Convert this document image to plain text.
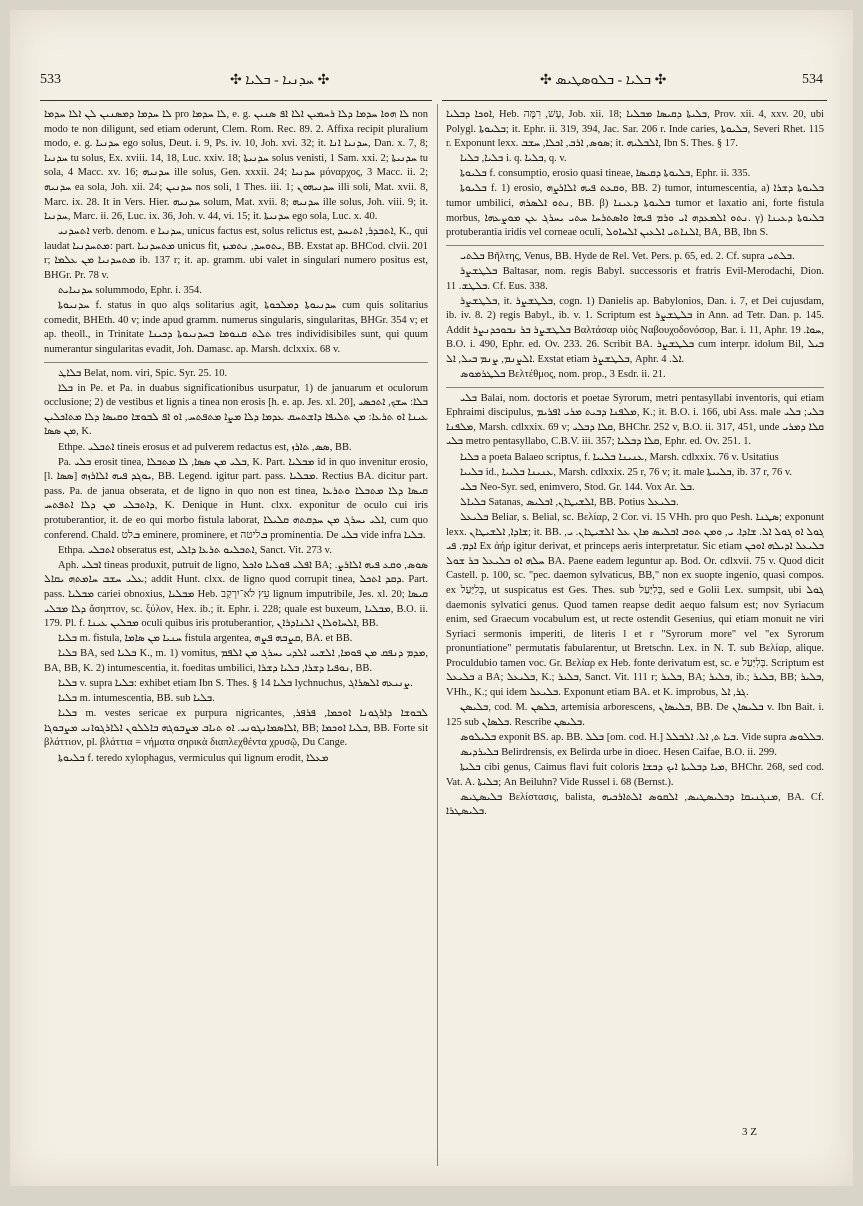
533	✣ ܚܕܢܝܐ - ܒܠܝܐ ✣	✣ ܒܠܝܐ - ܒܠܘܣܛܝܣ ✣	534

ܠܐ ܚܕܡܐ ܕܡܣܢܝܢ ܠܢ ܐܠܐ ܚܕܡܐ pro ܠܐ ܚܕܡܐ, e. g. ܠܐ ܗܘܐ ܚܕܡܐ ܕܠܐ ܪܚܡܝܢ ܐܠܐ ܐܦ ܣܢܝܢ non modo te non diligunt, sed etiam oderunt, Clem. Rom. Rec. 89. 2. Affixa recipit pluralium modo, e. g. ܚܕܢܝܐ ego solus, Deut. i. 9, Ps. iv. 10, Joh. xvi. 32; it. ܚܕܢܝܐ ܐܢܐ, Dan. x. 7, 8; ܚܕܢܝܐ tu solus, Ex. xviii. 14, 18, Luc. xxiv. 18; ܚܕܢܝܬܐ solus venisti, 1 Sam. xxi. 2; ܚܕܢܝܬܐ tu sola, 4 Macc. xv. 16; ܚܕܢܝܗ ille solus, Gen. xxxii. 24; ܚܕܢܝܐ μόναρχος, 3 Macc. ii. 2; ܚܕܢܝܗ ea sola, Joh. xii. 24; ܚܕܢܝܢ nos soli, 1 Thes. iii. 1; ܚܕܢܝܗܘܢ illi soli, Mat. xvii. 8, Marc. ix. 28. It in Vers. Hier. ܚܕܢܝܗ solum, Mat. xvii. 8; ܚܕܢܝܗ ille solus, Joh. viii. 9; it. ܚܕܢܝܐ, Marc. ii. 26, Luc. ix. 36, Joh. v. 44, vi. 15; it. ܚܕܢܝܬܐ ego sola, Luc. x. 40.

ܐܬܚܕܢܝ verb. denom. e ܚܕܢܝܐ, unicus factus est, solus relictus est, ܐܬܒܕܪ, ܐܬܝܚܕ, K., qui laudat ܡܬܚܕܢܝܐ: part. ܡܬܚܕܢܝܐ unicus fit, ܝܬܘܚܕ, ܢܬܡܝܙ, BB. Exstat ap. BHCod. clvii. 201 r; ܡܬܚܕܢܝܐ ܡܢ ܥܠܡܐ ib. 137 r; it. ap. gramm. ubi valet in singulari numero positus est, BHGr. Pr. 78 v.

ܚܕܢܝܐܝܬ solummodo, Ephr. i. 354.

ܚܕܢܝܘܬܐ f. status in quo alqs solitarius agit, ܚܕܢܝܘܬܐ ܕܡܠܟܘܬܐ cum quis solitarius comedit, BHEth. 40 v; inde apud gramm. numerus singularis, singularitas, BHGr. 354 v; et ap. theoll., in Trinitate ܬܠܬ ܩܢܘܡܐ ܒܚܕܢܝܘܬܐ ܕܟܝܢܐ tres individisibiles sunt, qui quum numerantur singularitas evadit, Joh. Damasc. ap. Marsh. dclxxix. 68 v.

ܒܠܐܛ Belat, nom. viri, Spic. Syr. 25. 10.

ܒܠܐ in Pe. et Pa. in duabus significationibus usurpatur, 1) de januarum et oculorum occlusione; 2) de vestibus et lignis a tinea non erosis [h. e. ap. Jes. xl. 20], ܒܠܐ: ܚܫܟ, ܐܬܟܣܝ ܥܝܢܐ ܐܘ ܬܪܥܐ: ܡܢ ܬܠܝܦܐ ܕܐܫܬܚܩ ܥܕܡܐ ܕܠܐ ܡܨܐ ܡܬܦܬܚ, ܐܘ ܐܦ ܠܒܘܫܐ ܘܩܝܣܐ ܕܠܐ ܡܬܐܟܠܝܢ ܡܢ ܣܣܐ, K.

Ethpe. ܐܬܒܠܝ tineis erosus et ad pulverem redactus est, ܣܣ, ܬܐܪܙ, BB.

Pa. ܒܠܝ erosit tinea, ܒܠܝ ܡܢ ܣܣܐ, ܠܐ ܡܬܒܠܐ, K. Part. ܡܒܠܝܐ id in quo invenitur erosio, [l. ܣܣܐ] ܝܘܓܕ ܦܝܗ ܐܠܐܪܙܗ, BB. Legend. igitur part. pass. ܡܒܠܝܐ. Rectius BA. dicitur part. pass. Pa. de janua obserata, et de ligno in quo non est tinea, ܩܝܣܐ ܕܠܐ ܡܬܒܠܐ ܘܬܪܥܐ ܕܐܬܒܠܝ ܡܢ ܕܠܐ ܐܬܦܬܚ, K. Denique in Hunt. clxx. exponitur de oculo cui iris protuberantior, it. de eo qui morbo fistula laborat, ܐܠܝ ܝܚܪܓ ܡܢ ܚܕܩܬܗ ܩܠܝܠܐ, cum quo conferend. Chald. ܒלט eminere, prominere, et ܒליטה prominentia. De ܒܠܝ vide infra ܒܠܝܐ.

Ethpa. ܐܬܒܠܝ obseratus est, ܐܬܒܠܝܘ ܬܪܥܐ ܕܐܠܝ, Sanct. Vit. 273 v.

Aph. ܐܒܠܝ tineas produxit, putruit de ligno, ܐܦܠܝ ܦܘܠܝܐ ܘܐܟܠ BA; ܣܘܣ, ܘܩܥ ܦܝܗ ܐܠܐܪܨ. ܥܠܝ ܚܫܒ ܚܐܡܬܗ ܝܩܐܠ; addit Hunt. clxx. de ligno quod corrupit tinea, ܕܩܕ ܐܬܟܠ. Part. pass. ܡܒܠܝܐ cariei obnoxius, ܡܒܠܝܐ Heb. עֵץ לֹא־יִרְקַב lignum imputribile, Jes. xl. 20; ܩܝܣܐ ܕܠܐ ܡܒܠܝ ἄσηπτον, sc. ξύλον, Hex. ib.; it. Ephr. i. 228; quale est buxeum, ܡܒܠܝܐ, B.O. ii. 179. Pl. f. ܡܒܠܝܢ ܥܝܢܐ oculi quibus iris protuberantior, ܐܠܚܐܘܠܐܢ ܐܠܢܐܕܪܐܢ, BB.

ܒܠܝܐ m. fistula, ܚܢܝܐ ܡܢ ܣܐܡܐ fistula argentea, ܩܨܒܗ ܦܨܗ, BA. et BB.

ܒܠܝܐ BA, sed ܒܠܝܐ K., m. 1) vomitus, ܡܕܡ ܕܢܦܩ ܡܢ ܦܘܡܐ, ܐܠܫܝܝ ܐܠܕܝ ܝܚܪܓ ܡܢ ܐܠܦܡ, BA, BB, K. 2) intumescentia, it. foeditas umbilici, ܢܘܦܝܐ ܕܫܪܐ, ܒܠܝܐ ܕܫܪܐ, BB.

ܒܠܝܐ v. supra ܒܠܝܐ: exhibet etiam Ibn S. Thes. § 14 ܒܠܝܐ lychnuchus, ܨܢܝܥܗ ܐܠܣܪܐܓ.

ܒܠܝܐ m. intumescentia, BB. sub ܒܠܝܐ.

ܒܠܝܐ m. vestes sericae ex purpura nigricantes, ܠܒܘܫܐ ܕܐܪܓܘܢܐ ܐܘܟܡܐ, ܦܪܦܪ, ܐܠܐܣܡܐܢܓܘܢܝ. ܐܘ ܬܝܐܒ ܡܨܒܘܓܗ ܒܐܠܠܘܢ ܐܠܐܪܓܘܐܢܝ ܡܨܒܘܓܐ, BB; ܒܠܝܐ ܐܘܟܡܐ, BB. Forte sit βλάττιον, pl. βλάττια = νήματα σηρικὰ διαπλεχθέντα χρυσῷ, Du Cange.

ܒܠܝܘܬܐ f. teredo xylophagus, vermiculus qui lignum erodit, ܡܥܠܐ

ܐܘܟܐ ܕܒܠܝܐ, Heb. עָשׁ, רִמָּה, Job. xii. 18; ܒܠܝܬܐ ܕܩܝܣܐ ܡܒܠܝܐ, Prov. xii. 4, xxv. 20, ubi Polygl. ܒܠܝܘܬܐ; it. Ephr. ii. 319, 394, Jac. Sar. 206 r. Inde caries, ܒܠܝܘܬܐ, Severi Rhet. 115 r. Exponunt lexx. ܣܘܣ, ܐܪܒ, ܐܟܠܐ, ܚܫܒ; it. ܐܠܒܠܝܗ, Ibn S. Thes. § 17.

ܒܠܝܐ, ܒܠܝܐ i. q. ܒܠܝܐ, q. v.

ܒܠܝܘܬܐ f. consumptio, erosio quasi tineae, ܒܠܝܘܬܐ ܕܩܝܣܐ, Ephr. ii. 335.

ܒܠܝܘܬܐ f. 1) erosio, ܘܩܥܬ ܦܝܗ ܐܠܐܪܨܗ, BB. 2) tumor, intumescentia, a) ܒܠܝܘܬܐ ܕܫܪܐ tumor umbilici, ܢܬܘ ܐܠܣܪܗ, BB. β) ܒܠܝܘܬܐ ܕܥܝܢܐ tumor et laxatio ani, forte fistula morbus, ܢܬܘ ܐܠܡܥܕܗ ܐܝ ܘܪܡ ܦܝܗܐ ܘܐܣܬܪܚܐ ܚܬܝ ܝܚܪܓ ܥܢ ܡܘܨܥܗܐ. γ) ܒܠܝܘܬܐ ܕܥܝܢܐ protuberantia iridis vel corneae oculi, ܐܠܢܐܬܝ ܐܠܥܝܢ ܐܠܚܐܘܠ, BA, BB, Ibn S.

ܒܠܬܝ Βῆλτης, Venus, BB. Hyde de Rel. Vet. Pers. p. 65, ed. 2. Cf. supra ܒܠܬܝ.

ܒܠܛܫܨܪ Baltasar, nom. regis Babyl. successoris et fratris Evil-Merodachi, Dion. ܒܠܛܫ. 11. Cf. Eus. 338.

ܒܠܛܫܨܪ, it. ܒܠܛܫܨܪ, cogn. 1) Danielis ap. Babylonios, Dan. i. 7, et Dei cujusdam, ib. iv. 8. 2) regis Babyl., ib. v. 1. Scriptum est ܒܠܛܫܨܪ in Ann. ad Tetr. Dan. p. 145. Addit ܒܠܛܫܨܪ ܒܪ ܢܒܘܟܕܢܨܪ Βαλτάσαρ υἱὸς Ναβουχοδονόσορ, Bar. i. 11, Aphr. ܚܘܐ. 19, B.O. i. 490, Ephr. ed. Ov. 233. 26. Scribit BA. ܒܠܛܫܨܪ cum interpr. idolum Bil, ܒܝܠ ܐܠܨܢܡ, ܨܢܡ ܒܝܠ, ܐܠ. Exstat etiam ܒܠܛܫܨܪ, Aphr. ܐܠ. 4.

ܒܠܛܪܡܘܣ Βελτέθμος, nom. prop., 3 Esdr. ii. 21.

ܒܠܝ Balai, nom. doctoris et poetae Syrorum, metri pentasyllabi inventoris, qui etiam Ephraimi discipulus, ܡܠܦܢܐ ܕܒܝܬ ܡܪܝ ܐܦܪܝܡ, K.; it. B.O. i. 166, ubi Ass. male ܒܠܝ; ܒܠܝ ܡܠܦܢܐ, Marsh. cdlxxix. 69 v; ܩܠܐ ܕܒܠܝ, BHChr. 252 v, B.O. ii. 317, 451, unde ܩܠܐ ܕܡܪܝ ܒܠܝ metro pentasyllabo, C.B.V. iii. 357; ܩܠܐ ܕܒܠܝܐ, Ephr. ed. Ov. 251. 1.

ܒܠܝܐ a poeta Balaeo scriptus, f. ܥܢܝܢܐ ܒܠܝܝܐ, Marsh. cdlxxix. 76 v. Usitatius

ܒܠܝܝܐ id., ܥܢܝܢܐ ܒܠܝܝܐ, Marsh. cdlxxix. 25 r, 76 v; it. male ܒܠܝܝܬܐ, ib. 37 r, 76 v.

ܒܠܝ Neo-Syr. sed, enimvero, Stod. Gr. 144. Vox Ar. ܒܠ.

ܒܠܝܐܠ Satanas, ܐܠܫܝܛܐܢ, ܐܒܠܝܣ, BB. Potius ܒܠܝܥܠ.

ܒܠܝܥܠ Beliar, s. Belial, sc. Βελίαρ, 2 Cor. vi. 15 VHh. pro quo Pesh. ܣܛܢܐ; exponunt lexx. ܫܐܕܐ, ܐܠܫܝܛܐܢ; it. BB. ܓܘܠ ܐܘ ܓܘܠ ܐܠ. ܫܐܕܐ. ܝ, ܘܡܢ ܬܘܒ ܐܒܠܝܣ ܡܐܢ ܥܠ ܐܠܫܝܛܐܢ. ܝ, ܐܕܡ. ܦܝ Ex ἀήρ igitur derivat, et princeps aeris interpretatur. Sic etiam ܒܠܝܥܠ ܐܕܝܠܗ ܐܘܟܢ ܚܠܗ ܐܘ ܒܠܝܥܠ ܒܪ ܫܘܠ BA. Paene eadem leguntur ap. Bod. Or. cdlxvii. 75 v. Quod dicit Castell. p. 100, sc. "pec. daemon sylvaticus, BB," non ex suopte ingenio, quasi compos. ex בְּלִיַּעַל, ut suspicatus est Ges. Thes. sub בְּלִיַּעַל, sed e Golii Lex. sumpsit, ubi ܓܘܠ daemonis sylvatici genus. Quod tamen reapse dedit aequo falsum est; nov Syriacum enim, sed Graecum vocabulum est, ut recte ostendit Gesenius, qui etiam monuit ne viri Syriaci sermonis imperiti, de literis l et r "Syrorum more" vel "ex Syrorum pronuntiatione" permutatis fabularentur, ut Bretschn. Lex. in N. T. sub Βελίαρ, alique. Proculdubio tamen voc. Gr. Βελίαρ ex Heb. fonte derivatum est, sc. e בְּלִיַּעַל. Scriptum est ܒܠܝܥܠ a BA; ܒܠܝܥܠ, K.; ܒܠܝܪ, Sanct. Vit. 111 r; ܒܠܝܪ, BA; ܒܠܝܪ, ib.; ܒܠܝܪ, BB; ܒܠܝܪ, VHh., K.; qui idem ܒܠܝܥܠ. Exponunt etiam BA. et K. improbus, ܓܪ, ܐܠ.

ܒܠܝܣܢ, cod. M. ܒܠܣܢ, artemisia arborescens, ܒܠܝܣܐܢ, BB. De ܒܠܝܣܐܢ v. Ibn Bait. i. 125 sub ܒܠܣܐܢ. Rescribe ܒܠܝܣܢ.

ܒܠܝܠܘܣ exponit BS. ap. BB. ܒܠܠ [om. cod. H.] ܒܝܐ ܬ, ܐܠ. ܐܠܒܠܠ. Vide supra ܒܠܠܘܣ.

ܒܠܝܪܕܝܣ Belirdrensis, ex Belirda urbe in dioec. Hesen Caifae, B.O. ii. 299.

ܒܠܝܬܐ cibi genus, Caimus flavi fuit coloris ܡܝܐ ܕܒܠܝܬܐ ܐܝܟ ܕܒܫܐ, BHChr. 268, sed cod. Vat. A. ܒܠܝܬܐ; An Beiluhn? Vide Russel i. 68 (Bernst.).

ܒܠܝܣܛܝܣ Βελίστασις, balista, ܡܢܓܢܝܩܐ ܕܒܠܝܣܛܝܣ, ܐܠܩܘܣ ܐܠܬܐܪܟܝܗ, BA. Cf. ܒܠܝܣܛܪܐ.

3 Z
